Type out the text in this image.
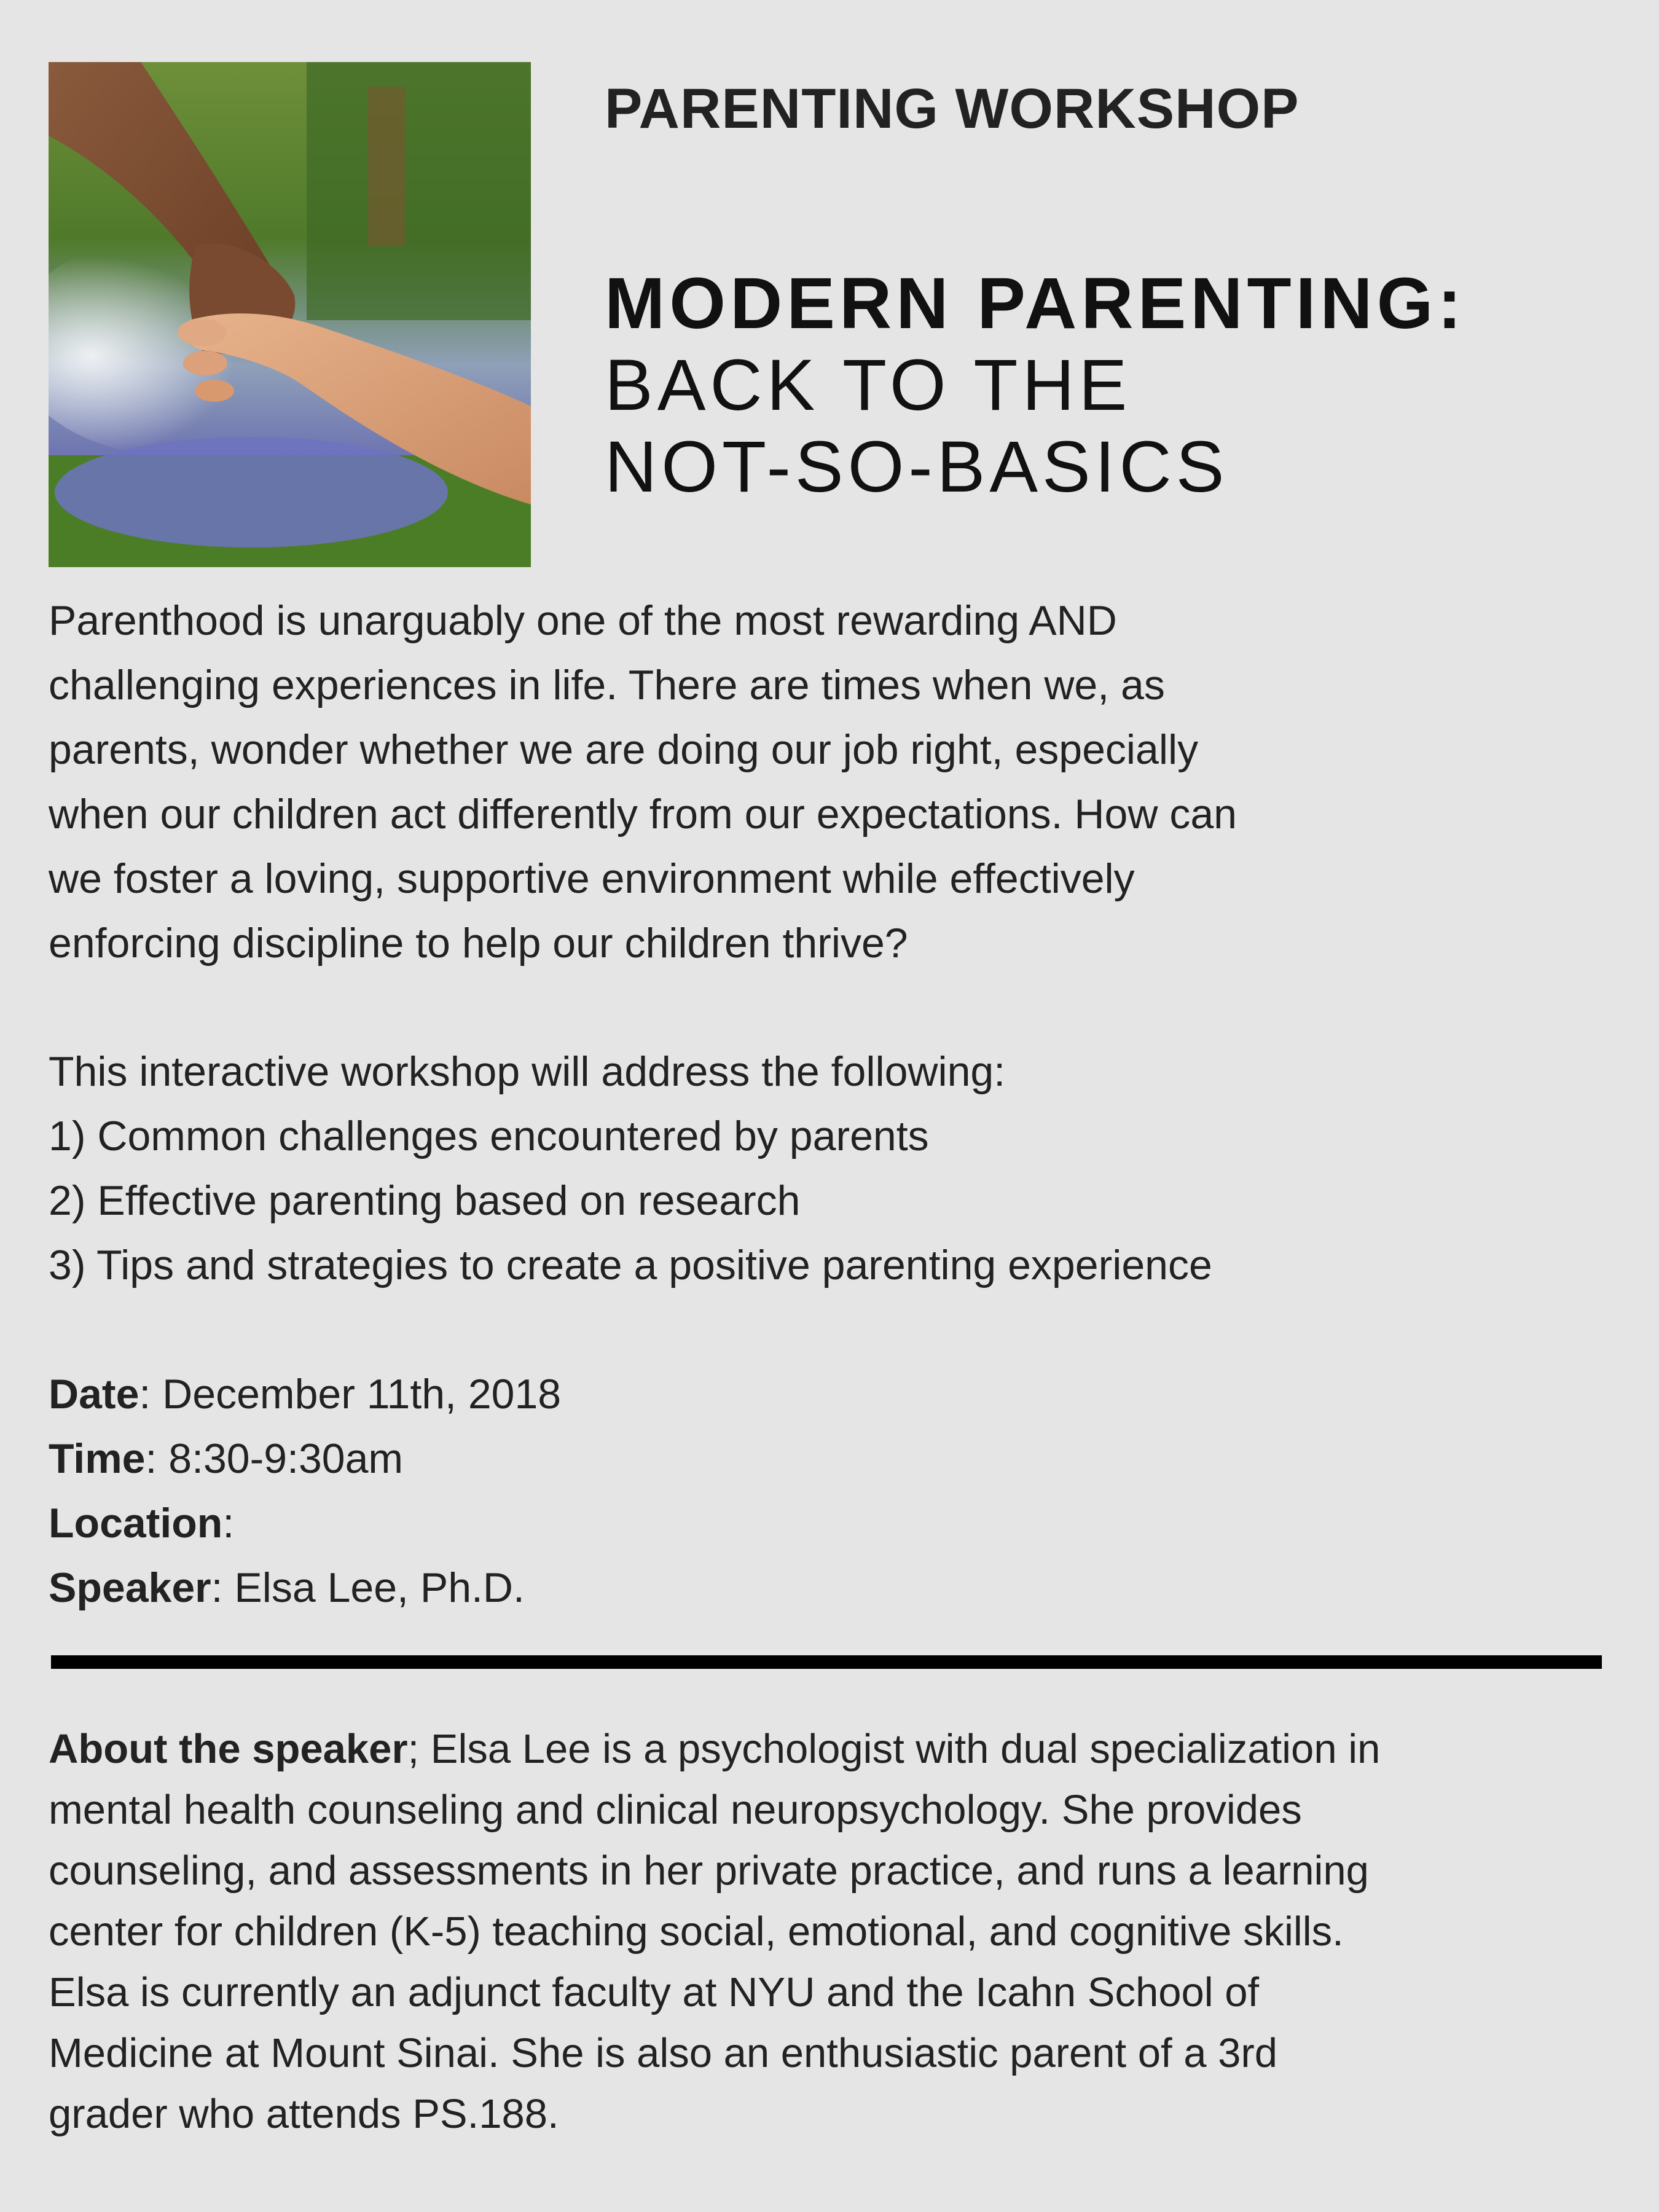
PARENTING WORKSHOP
MODERN PARENTING:
BACK TO THE
NOT-SO-BASICS
Parenthood is unarguably one of the most rewarding AND
challenging experiences in life. There are times when we, as
parents, wonder whether we are doing our job right, especially
when our children act differently from our expectations. How can
we foster a loving, supportive environment while effectively
enforcing discipline to help our children thrive?
This interactive workshop will address the following:
1) Common challenges encountered by parents
2) Effective parenting based on research
3) Tips and strategies to create a positive parenting experience
Date: December 11th, 2018
Time: 8:30-9:30am
Location:
Speaker: Elsa Lee, Ph.D.
About the speaker; Elsa Lee is a psychologist with dual specialization in
mental health counseling and clinical neuropsychology. She provides
counseling, and assessments in her private practice, and runs a learning
center for children (K-5) teaching social, emotional, and cognitive skills.
Elsa is currently an adjunct faculty at NYU and the Icahn School of
Medicine at Mount Sinai. She is also an enthusiastic parent of a 3rd
grader who attends PS.188.
